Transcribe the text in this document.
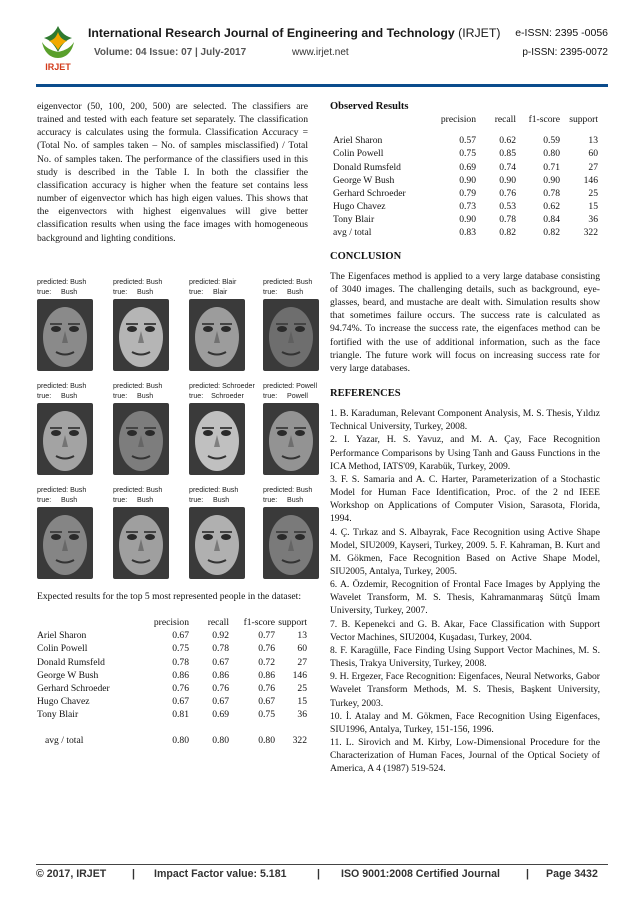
IRJET
International Research Journal of Engineering and Technology (IRJET) e-ISSN: 2395 -0056
Volume: 04 Issue: 07 | July-2017	www.irjet.net	p-ISSN: 2395-0072

eigenvector (50, 100, 200, 500) are selected. The classifiers are trained and tested with each feature set separately. The classification accuracy is calculates using the formula. Classification Accuracy = (Total No. of samples taken – No. of samples misclassified) / Total No. of samples taken. The performance of the classifiers used in this study is described in the Table I. In both the classifier the classification accuracy is higher when the feature set contains less number of eigenvector which has high eigen values. This shows that the eigenvectors with highest eigenvalues will give better classification results when using the face images with homogeneous background and lighting conditions.

predicted: Bush
true:     Bush
predicted: Bush
true:     Bush
predicted: Blair
true:     Blair
predicted: Bush
true:     Bush
predicted: Bush
true:     Bush
predicted: Bush
true:     Bush
predicted: Schroeder
true:    Schroeder
predicted: Powell
true:     Powell
predicted: Bush
true:     Bush
predicted: Bush
true:     Bush
predicted: Bush
true:     Bush
predicted: Bush
true:     Bush

Expected results for the top 5 most represented people in the dataset:

	precision	recall	f1-score	support
Ariel Sharon	0.67	0.92	0.77	13
Colin Powell	0.75	0.78	0.76	60
Donald Rumsfeld	0.78	0.67	0.72	27
George W Bush	0.86	0.86	0.86	146
Gerhard Schroeder	0.76	0.76	0.76	25
Hugo Chavez	0.67	0.67	0.67	15
Tony Blair	0.81	0.69	0.75	36
avg / total	0.80	0.80	0.80	322
Observed Results
	precision	recall	f1-score	support

Ariel Sharon	0.57	0.62	0.59	13
Colin Powell	0.75	0.85	0.80	60
Donald Rumsfeld	0.69	0.74	0.71	27
George W Bush	0.90	0.90	0.90	146
Gerhard Schroeder	0.79	0.76	0.78	25
Hugo Chavez	0.73	0.53	0.62	15
Tony Blair	0.90	0.78	0.84	36
avg / total	0.83	0.82	0.82	322
CONCLUSION

The Eigenfaces method is applied to a very large database consisting of 3040 images. The challenging details, such as background, eye-glasses, beard, and mustache are dealt with. Simulation results show that sometimes failure occurs. The success rate is calculated as 94.74%. To increase the success rate, the eigenfaces method can be fortified with the use of additional information, such as the face triangle. The future work will focus on increasing success rate for very large databases.

REFERENCES

1. B. Karaduman, Relevant Component Analysis, M. S. Thesis, Yıldız Technical University, Turkey, 2008.

2. I. Yazar, H. S. Yavuz, and M. A. Çay, Face Recognition Performance Comparisons by Using Tanh and Gauss Functions in the ICA Method, IATS'09, Karabük, Turkey, 2009.

3. F. S. Samaria and A. C. Harter, Parameterization of a Stochastic Model for Human Face Identification, Proc. of the 2 nd IEEE Workshop on Applications of Computer Vision, Sarasota, Florida, 1994.

4. Ç. Tırkaz and S. Albayrak, Face Recognition using Active Shape Model, SIU2009, Kayseri, Turkey, 2009. 5. F. Kahraman, B. Kurt and M. Gökmen, Face Recognition Based on Active Shape Model, SIU2005, Antalya, Turkey, 2005.

6. A. Özdemir, Recognition of Frontal Face Images by Applying the Wavelet Transform, M. S. Thesis, Kahramanmaraş Sütçü İmam University, Turkey, 2007.

7. B. Kepenekci and G. B. Akar, Face Classification with Support Vector Machines, SIU2004, Kuşadası, Turkey, 2004.

8. F. Karagülle, Face Finding Using Support Vector Machines, M. S. Thesis, Trakya University, Turkey, 2008.

9. H. Ergezer, Face Recognition: Eigenfaces, Neural Networks, Gabor Wavelet Transform Methods, M. S. Thesis, Başkent University, Turkey, 2003.

10. İ. Atalay and M. Gökmen, Face Recognition Using Eigenfaces, SIU1996, Antalya, Turkey, 151-156, 1996.

11. L. Sirovich and M. Kirby, Low-Dimensional Procedure for the Characterization of Human Faces, Journal of the Optical Society of America, A 4 (1987) 519-524.

© 2017, IRJET | Impact Factor value: 5.181	| ISO 9001:2008 Certified Journal | Page 3432
